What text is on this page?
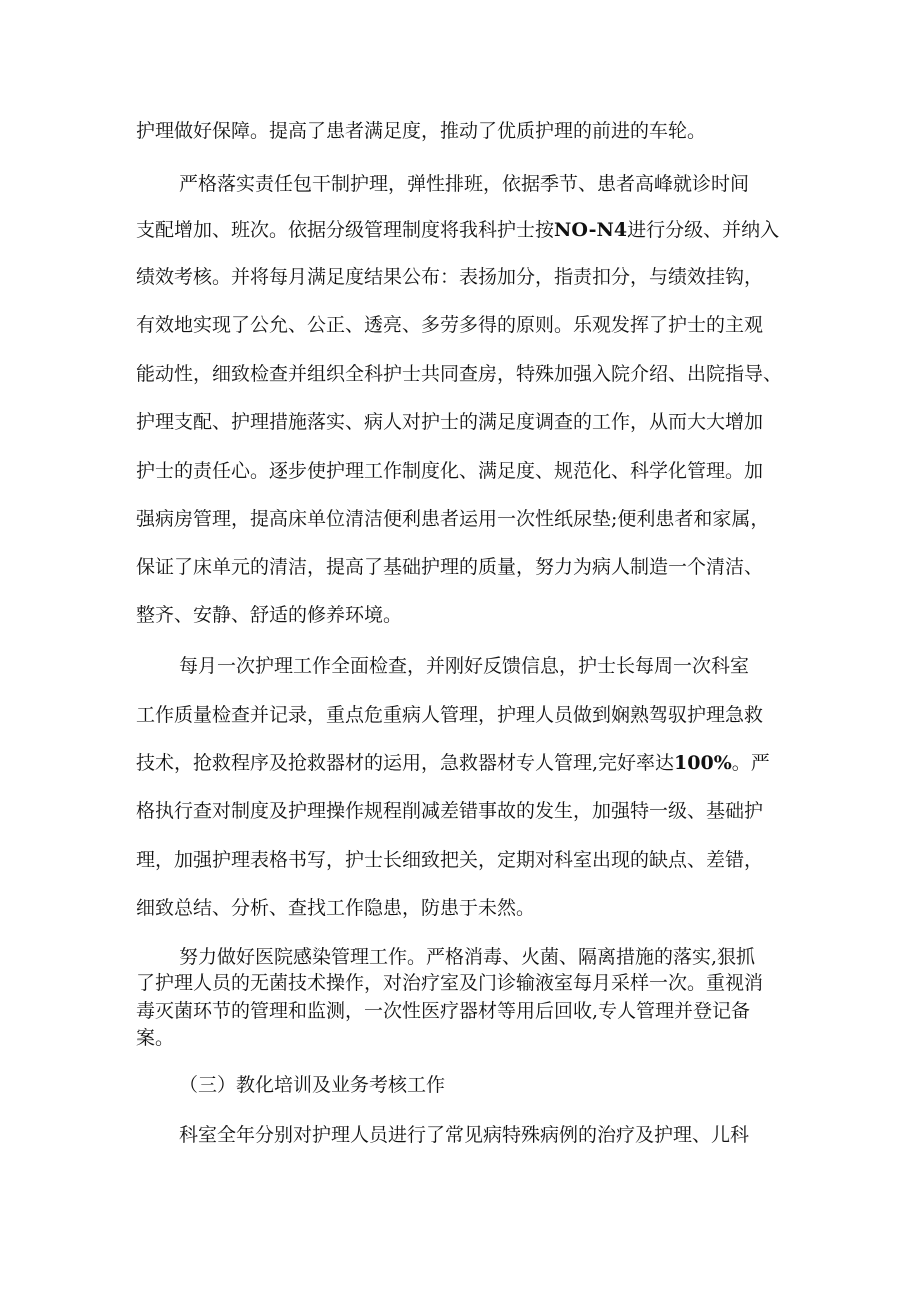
护理做好保障。提高了患者满足度，推动了优质护理的前进的车轮。
严格落实责任包干制护理，弹性排班，依据季节、患者高峰就诊时间
支配增加、班次。依据分级管理制度将我科护士按NO-N4进行分级、并纳入
绩效考核。并将每月满足度结果公布：表扬加分，指责扣分，与绩效挂钩，
有效地实现了公允、公正、透亮、多劳多得的原则。乐观发挥了护士的主观
能动性，细致检查并组织全科护士共同查房，特殊加强入院介绍、出院指导、
护理支配、护理措施落实、病人对护士的满足度调查的工作，从而大大增加
护士的责任心。逐步使护理工作制度化、满足度、规范化、科学化管理。加
强病房管理，提高床单位清洁便利患者运用一次性纸尿垫;便利患者和家属，
保证了床单元的清洁，提高了基础护理的质量，努力为病人制造一个清洁、
整齐、安静、舒适的修养环境。
每月一次护理工作全面检查，并刚好反馈信息，护士长每周一次科室
工作质量检查并记录，重点危重病人管理，护理人员做到娴熟驾驭护理急救
技术，抢救程序及抢救器材的运用，急救器材专人管理,完好率达100%。严
格执行查对制度及护理操作规程削减差错事故的发生，加强特一级、基础护
理，加强护理表格书写，护士长细致把关，定期对科室出现的缺点、差错，
细致总结、分析、查找工作隐患，防患于未然。
努力做好医院感染管理工作。严格消毒、火菌、隔离措施的落实,狠抓
了护理人员的无菌技术操作，对治疗室及门诊输液室每月采样一次。重视消
毒灭菌环节的管理和监测，一次性医疗器材等用后回收,专人管理并登记备
案。
（三）教化培训及业务考核工作
科室全年分别对护理人员进行了常见病特殊病例的治疗及护理、儿科
